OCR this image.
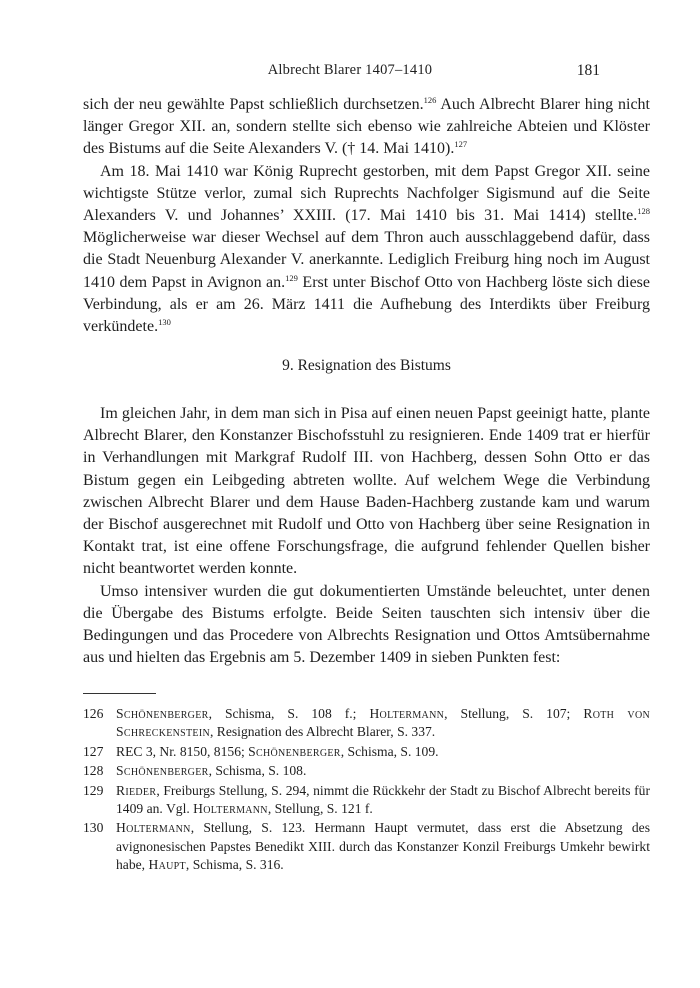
Albrecht Blarer 1407–1410	181

sich der neu gewählte Papst schließlich durchsetzen.$^{126}$ Auch Albrecht Blarer hing nicht länger Gregor XII. an, sondern stellte sich ebenso wie zahlreiche Abteien und Klöster des Bistums auf die Seite Alexanders V. († 14. Mai 1410).$^{127}$

Am 18. Mai 1410 war König Ruprecht gestorben, mit dem Papst Gregor XII. seine wichtigste Stütze verlor, zumal sich Ruprechts Nachfolger Sigismund auf die Seite Alexanders V. und Johannes’ XXIII. (17. Mai 1410 bis 31. Mai 1414) stellte.$^{128}$ Möglicherweise war dieser Wechsel auf dem Thron auch ausschlaggebend dafür, dass die Stadt Neuenburg Alexander V. anerkannte. Lediglich Freiburg hing noch im August 1410 dem Papst in Avignon an.$^{129}$ Erst unter Bischof Otto von Hachberg löste sich diese Verbindung, als er am 26. März 1411 die Aufhebung des Interdikts über Freiburg verkündete.$^{130}$

9. Resignation des Bistums

Im gleichen Jahr, in dem man sich in Pisa auf einen neuen Papst geeinigt hatte, plante Albrecht Blarer, den Konstanzer Bischofsstuhl zu resignieren. Ende 1409 trat er hierfür in Verhandlungen mit Markgraf Rudolf III. von Hachberg, dessen Sohn Otto er das Bistum gegen ein Leibgeding abtreten wollte. Auf welchem Wege die Verbindung zwischen Albrecht Blarer und dem Hause Baden-Hachberg zustande kam und warum der Bischof ausgerechnet mit Rudolf und Otto von Hachberg über seine Resignation in Kontakt trat, ist eine offene Forschungsfrage, die aufgrund fehlender Quellen bisher nicht beantwortet werden konnte.

Umso intensiver wurden die gut dokumentierten Umstände beleuchtet, unter denen die Übergabe des Bistums erfolgte. Beide Seiten tauschten sich intensiv über die Bedingungen und das Procedere von Albrechts Resignation und Ottos Amtsübernahme aus und hielten das Ergebnis am 5. Dezember 1409 in sieben Punkten fest:

126 Schönenberger, Schisma, S. 108 f.; Holtermann, Stellung, S. 107; Roth von Schreckenstein, Resignation des Albrecht Blarer, S. 337.
127 REC 3, Nr. 8150, 8156; Schönenberger, Schisma, S. 109.
128 Schönenberger, Schisma, S. 108.
129 Rieder, Freiburgs Stellung, S. 294, nimmt die Rückkehr der Stadt zu Bischof Albrecht bereits für 1409 an. Vgl. Holtermann, Stellung, S. 121 f.
130 Holtermann, Stellung, S. 123. Hermann Haupt vermutet, dass erst die Absetzung des avignonesischen Papstes Benedikt XIII. durch das Konstanzer Konzil Freiburgs Umkehr bewirkt habe, Haupt, Schisma, S. 316.
